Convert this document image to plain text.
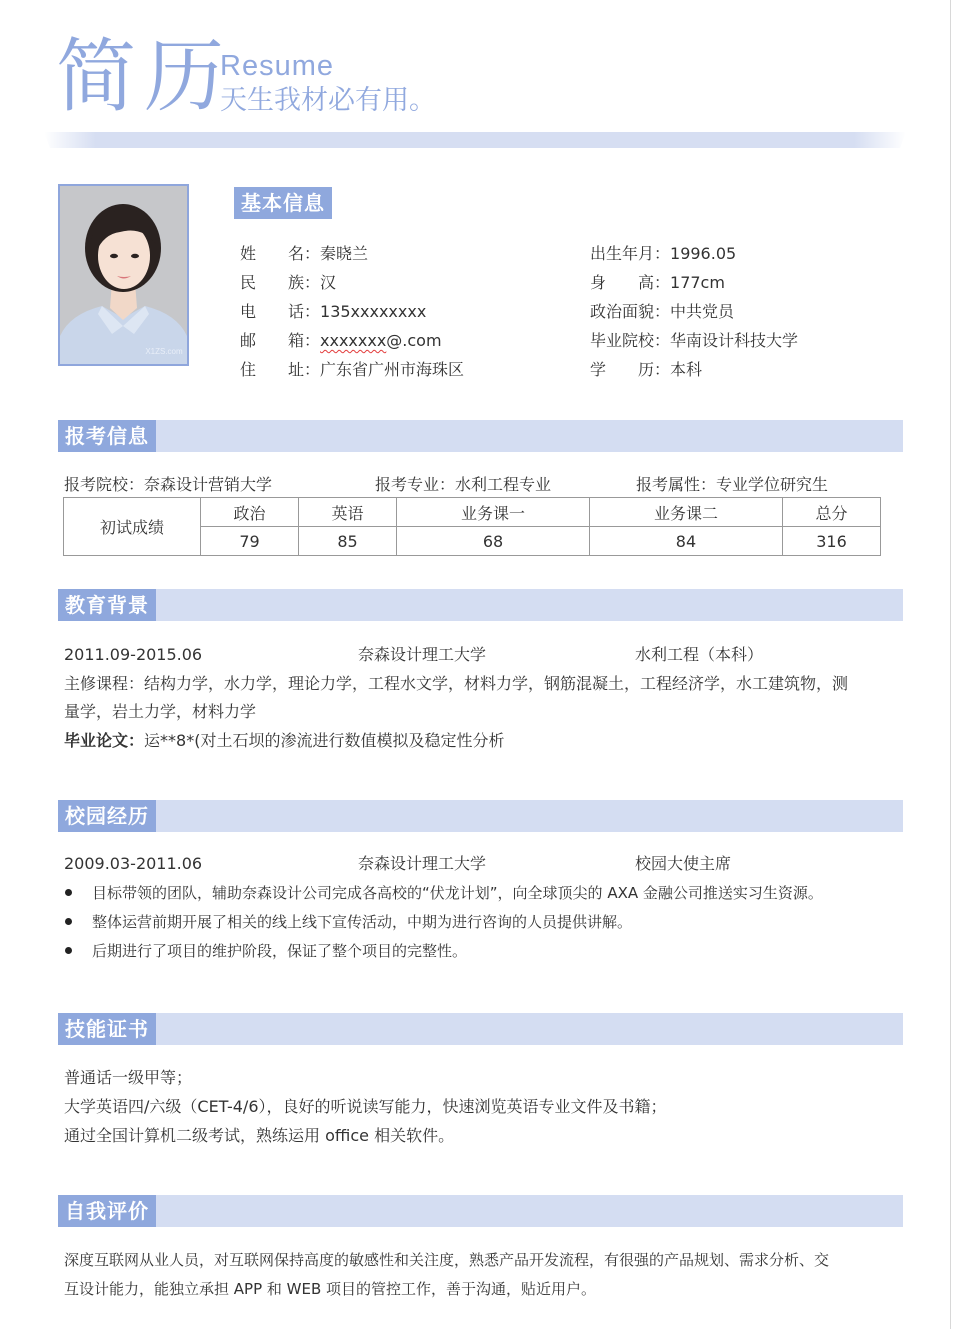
简历
Resume
天生我材必有用。
X1ZS.com
基本信息
姓　　名：秦晓兰
民　　族：汉
电　　话：135xxxxxxxx
邮　　箱：xxxxxxx@.com
住　　址：广东省广州市海珠区
出生年月：1996.05
身　　高：177cm
政治面貌：中共党员
毕业院校：华南设计科技大学
学　　历：本科
报考信息
报考院校：奈森设计营销大学	报考专业：水利工程专业	报考属性：专业学位研究生
初试成绩	政治	英语	业务课一	业务课二	总分
	79	85	68	84	316
教育背景
2011.09-2015.06	奈森设计理工大学	水利工程（本科）
主修课程：结构力学，水力学，理论力学，工程水文学，材料力学，钢筋混凝土，工程经济学，水工建筑物，测
量学，岩土力学，材料力学
毕业论文：运**8*(对土石坝的渗流进行数值模拟及稳定性分析
校园经历
2009.03-2011.06	奈森设计理工大学	校园大使主席
目标带领的团队，辅助奈森设计公司完成各高校的“伏龙计划”，向全球顶尖的 AXA 金融公司推送实习生资源。
整体运营前期开展了相关的线上线下宣传活动，中期为进行咨询的人员提供讲解。
后期进行了项目的维护阶段，保证了整个项目的完整性。
技能证书
普通话一级甲等；
大学英语四/六级（CET-4/6），良好的听说读写能力，快速浏览英语专业文件及书籍；
通过全国计算机二级考试，熟练运用 office 相关软件。
自我评价
深度互联网从业人员，对互联网保持高度的敏感性和关注度，熟悉产品开发流程，有很强的产品规划、需求分析、交
互设计能力，能独立承担 APP 和 WEB 项目的管控工作，善于沟通，贴近用户。
